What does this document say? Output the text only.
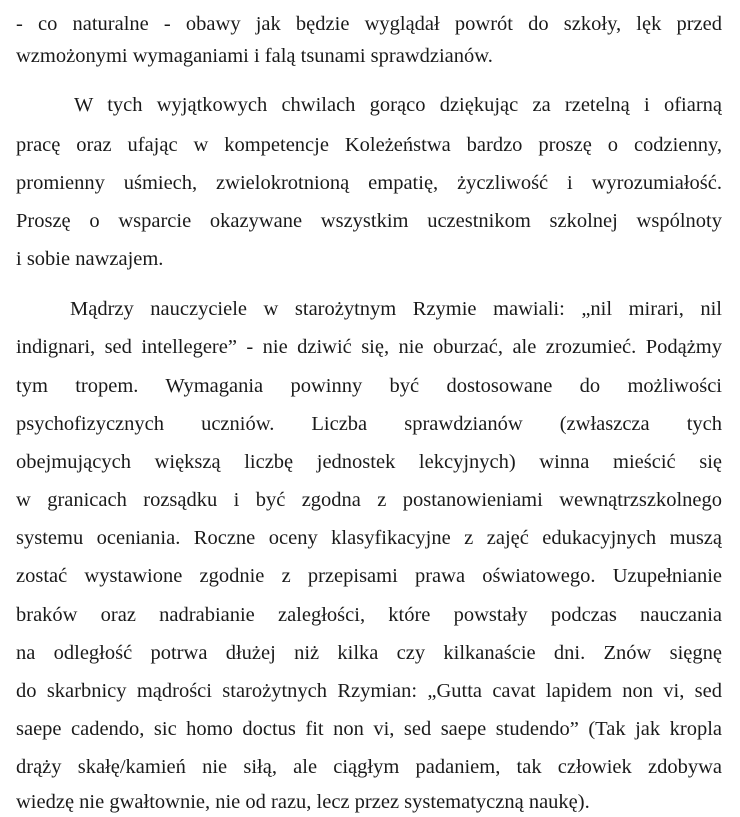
- co naturalne - obawy jak będzie wyglądał powrót do szkoły, lęk przed
wzmożonymi wymaganiami i falą tsunami sprawdzianów.
W tych wyjątkowych chwilach gorąco dziękując za rzetelną i ofiarną
pracę oraz ufając w kompetencje Koleżeństwa bardzo proszę o codzienny,
promienny uśmiech, zwielokrotnioną empatię, życzliwość i wyrozumiałość.
Proszę o wsparcie okazywane wszystkim uczestnikom szkolnej wspólnoty
i sobie nawzajem.
Mądrzy nauczyciele w starożytnym Rzymie mawiali: „nil mirari, nil
indignari, sed intellegere” - nie dziwić się, nie oburzać, ale zrozumieć. Podążmy
tym tropem. Wymagania powinny być dostosowane do możliwości
psychofizycznych uczniów. Liczba sprawdzianów (zwłaszcza tych
obejmujących większą liczbę jednostek lekcyjnych) winna mieścić się
w granicach rozsądku i być zgodna z postanowieniami wewnątrzszkolnego
systemu oceniania. Roczne oceny klasyfikacyjne z zajęć edukacyjnych muszą
zostać wystawione zgodnie z przepisami prawa oświatowego. Uzupełnianie
braków oraz nadrabianie zaległości, które powstały podczas nauczania
na odległość potrwa dłużej niż kilka czy kilkanaście dni. Znów sięgnę
do skarbnicy mądrości starożytnych Rzymian: „Gutta cavat lapidem non vi, sed
saepe cadendo, sic homo doctus fit non vi, sed saepe studendo” (Tak jak kropla
drąży skałę/kamień nie siłą, ale ciągłym padaniem, tak człowiek zdobywa
wiedzę nie gwałtownie, nie od razu, lecz przez systematyczną naukę).
